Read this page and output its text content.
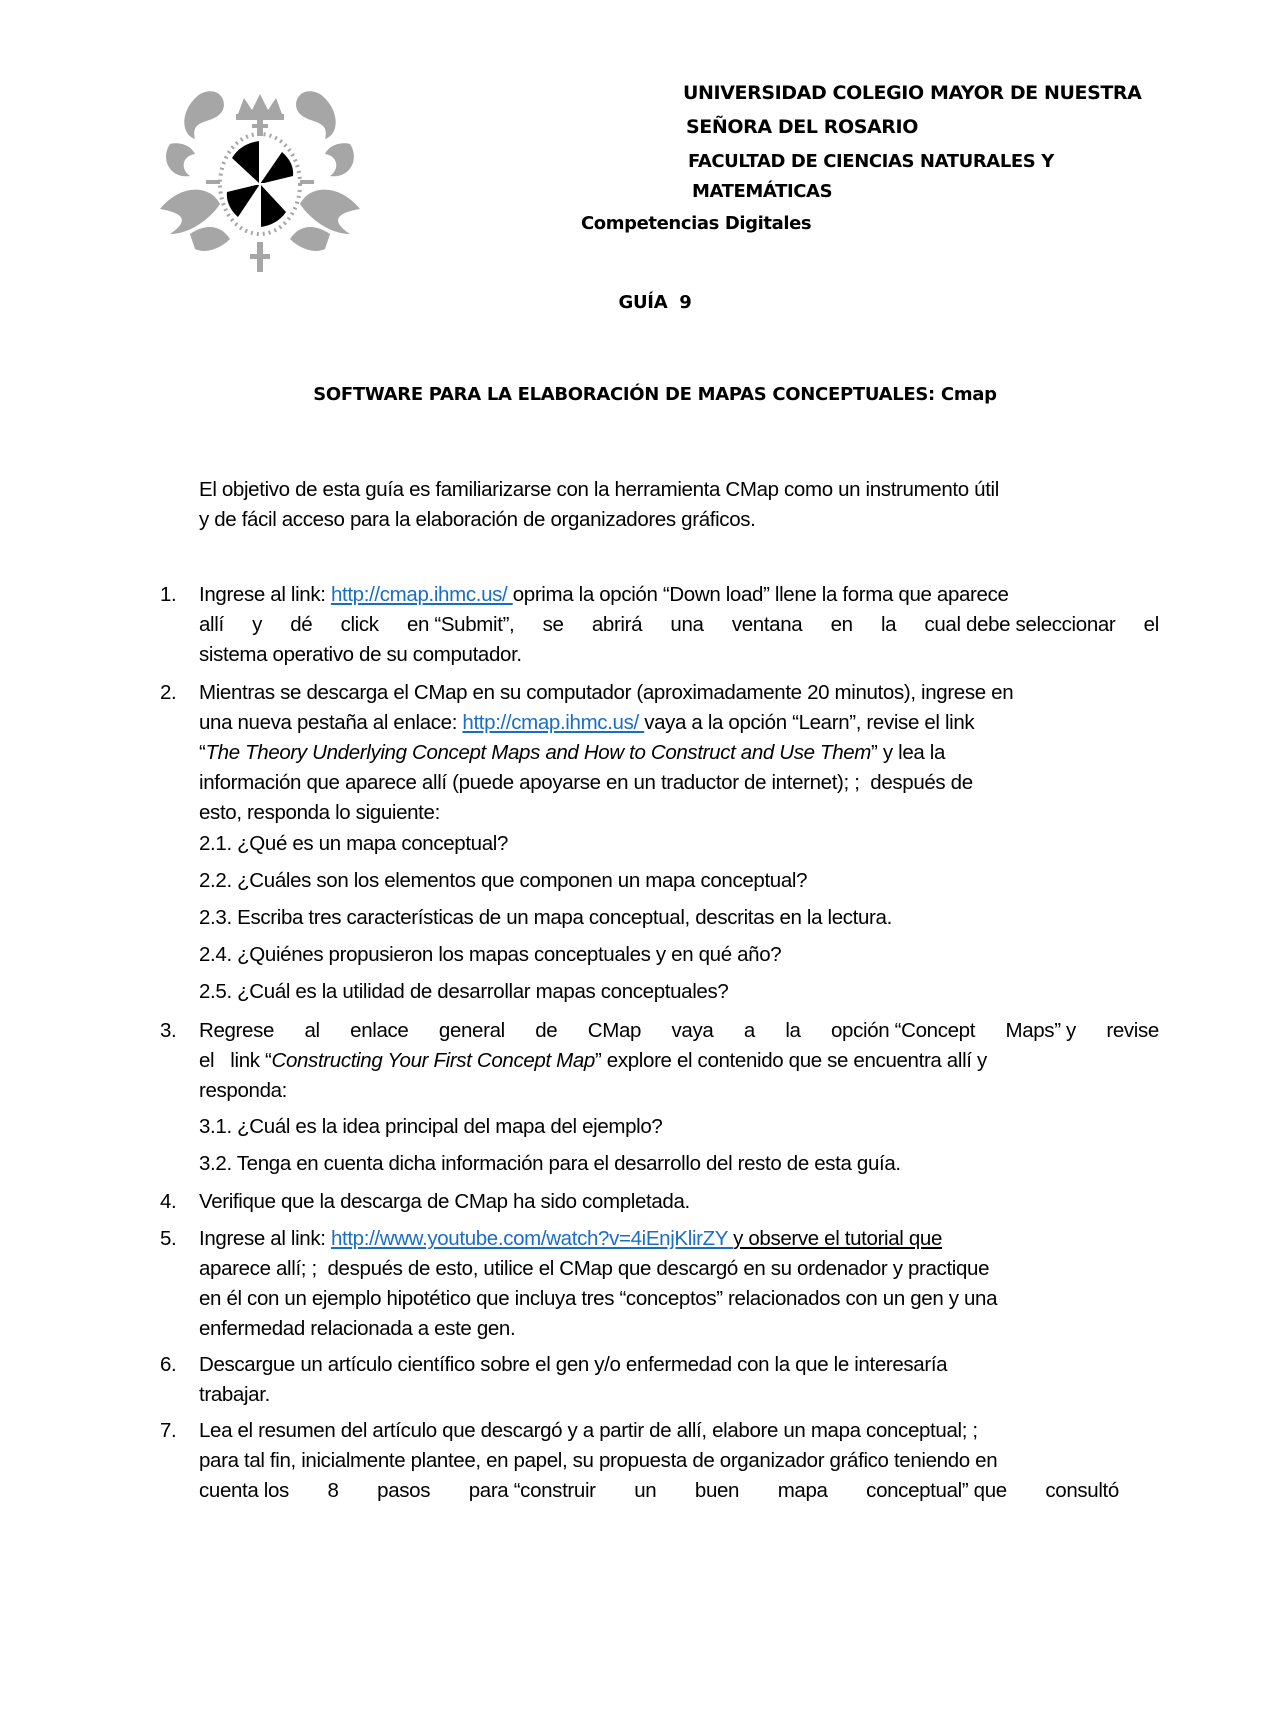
UNIVERSIDAD COLEGIO MAYOR DE NUESTRA
SEÑORA DEL ROSARIO
FACULTAD DE CIENCIAS NATURALES Y
MATEMÁTICAS
Competencias Digitales
GUÍA  9
SOFTWARE PARA LA ELABORACIÓN DE MAPAS CONCEPTUALES: Cmap
El objetivo de esta guía es familiarizarse con la herramienta CMap como un instrumento útil
y de fácil acceso para la elaboración de organizadores gráficos.
1.	Ingrese al link: http://cmap.ihmc.us/ oprima la opción “Down load” llene la forma que aparece
allí y dé click en “Submit”, se abrirá una ventana en la cual debe seleccionar el
sistema operativo de su computador.
2.	Mientras se descarga el CMap en su computador (aproximadamente 20 minutos), ingrese en
una nueva pestaña al enlace: http://cmap.ihmc.us/ vaya a la opción “Learn”, revise el link
“The Theory Underlying Concept Maps and How to Construct and Use Them” y lea la
información que aparece allí (puede apoyarse en un traductor de internet); ;  después de
esto, responda lo siguiente:
2.1. ¿Qué es un mapa conceptual?
2.2. ¿Cuáles son los elementos que componen un mapa conceptual?
2.3. Escriba tres características de un mapa conceptual, descritas en la lectura.
2.4. ¿Quiénes propusieron los mapas conceptuales y en qué año?
2.5. ¿Cuál es la utilidad de desarrollar mapas conceptuales?
3.	Regrese al enlace general de CMap vaya a la opción “Concept Maps” y revise
el   link “Constructing Your First Concept Map” explore el contenido que se encuentra allí y
responda:
3.1. ¿Cuál es la idea principal del mapa del ejemplo?
3.2. Tenga en cuenta dicha información para el desarrollo del resto de esta guía.
4.	Verifique que la descarga de CMap ha sido completada.
5.	Ingrese al link: http://www.youtube.com/watch?v=4iEnjKlirZY y observe el tutorial que
aparece allí; ;  después de esto, utilice el CMap que descargó en su ordenador y practique
en él con un ejemplo hipotético que incluya tres “conceptos” relacionados con un gen y una
enfermedad relacionada a este gen.
6.	Descargue un artículo científico sobre el gen y/o enfermedad con la que le interesaría
trabajar.
7.	Lea el resumen del artículo que descargó y a partir de allí, elabore un mapa conceptual; ;
para tal fin, inicialmente plantee, en papel, su propuesta de organizador gráfico teniendo en
cuenta los 8 pasos para “construir un buen mapa conceptual” que consultó
